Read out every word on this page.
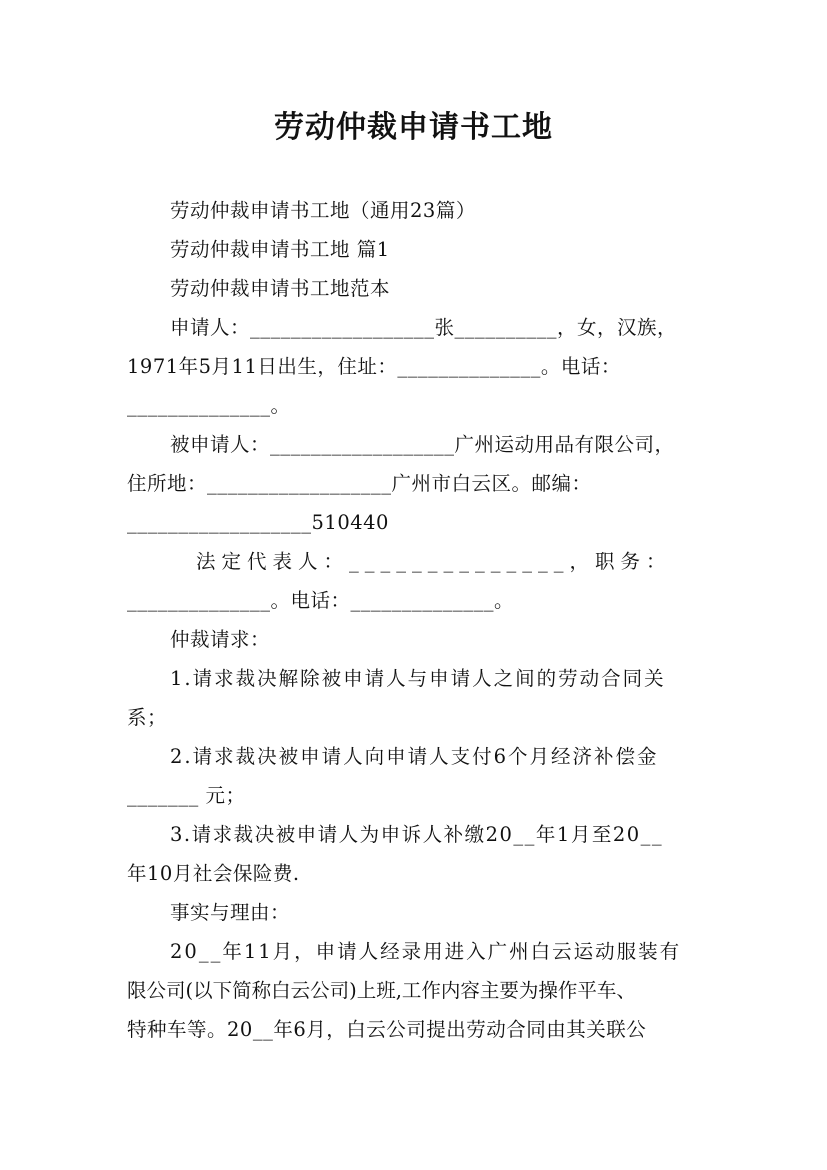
劳动仲裁申请书工地
劳动仲裁申请书工地（通用23篇）
劳动仲裁申请书工地 篇1
劳动仲裁申请书工地范本
申请人：__________________张__________，女，汉族，
1971年5月11日出生，住址：______________。电话：
______________。
被申请人：__________________广州运动用品有限公司，
住所地：__________________广州市白云区。邮编：
__________________510440
法定代表人：______________，职务：
______________。电话：______________。
仲裁请求：
1.请求裁决解除被申请人与申请人之间的劳动合同关
系；
2.请求裁决被申请人向申请人支付6个月经济补偿金
_______ 元；
3.请求裁决被申请人为申诉人补缴20__年1月至20__
年10月社会保险费.
事实与理由：
20__年11月，申请人经录用进入广州白云运动服装有
限公司(以下简称白云公司)上班,工作内容主要为操作平车、
特种车等。20__年6月，白云公司提出劳动合同由其关联公
